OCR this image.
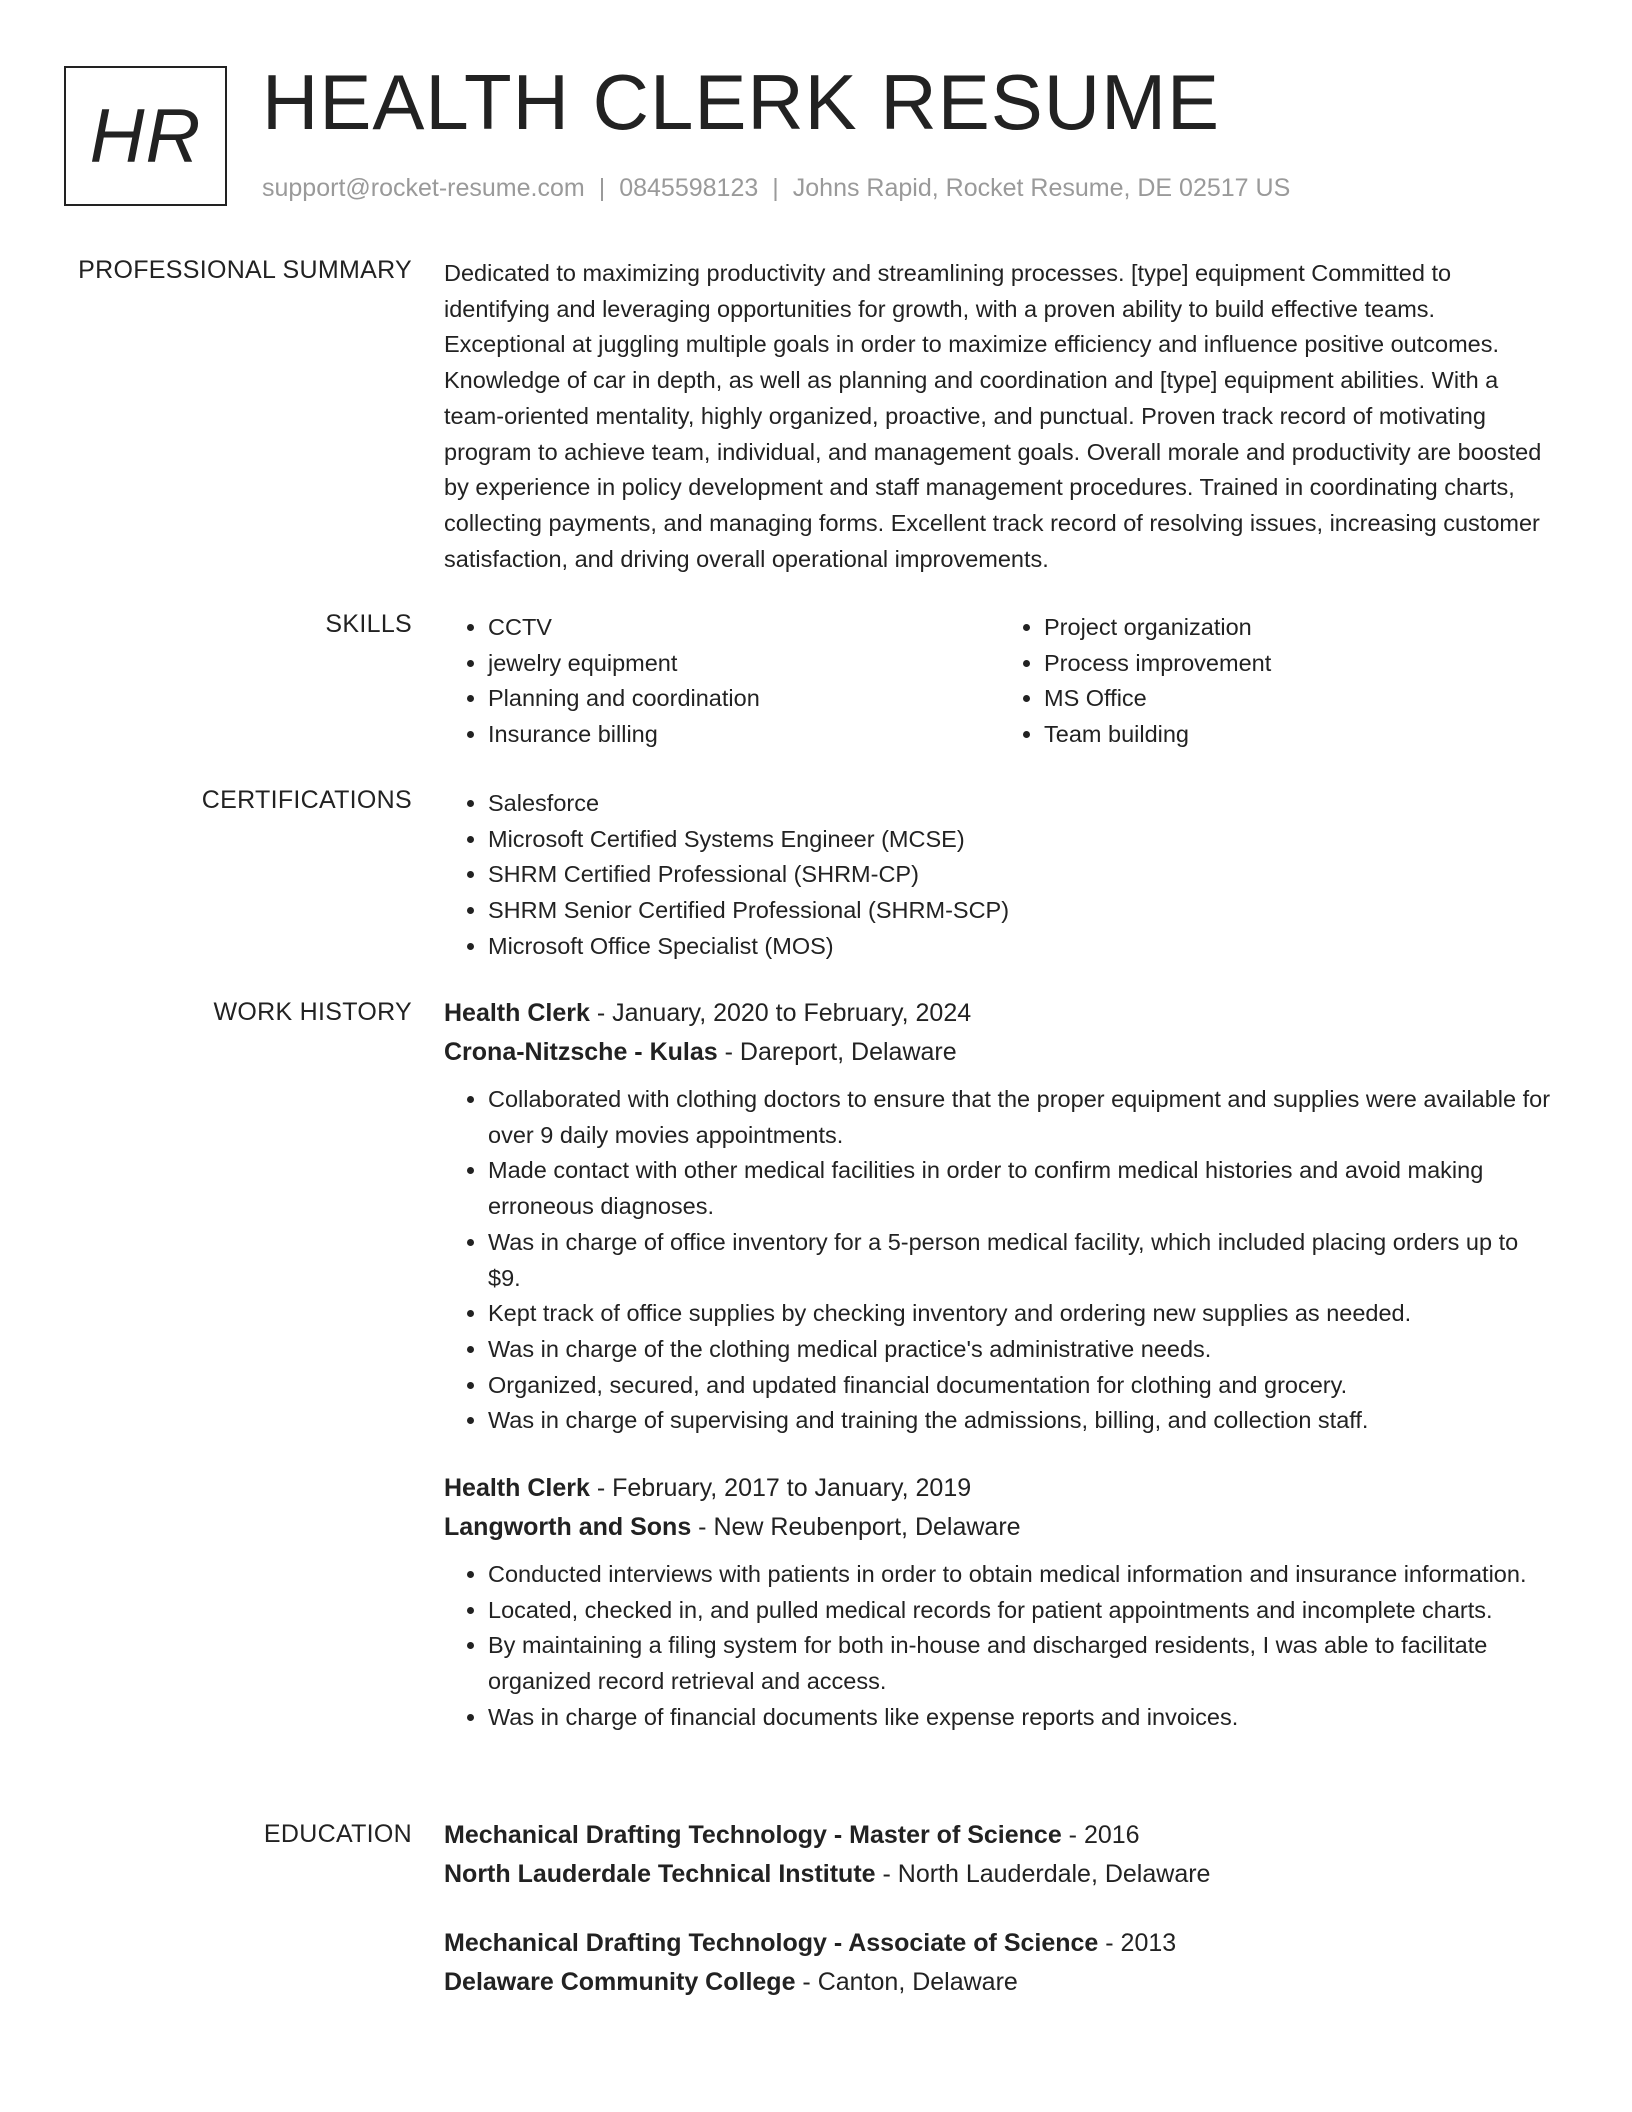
HR HEALTH CLERK RESUME
support@rocket-resume.com | 0845598123 | Johns Rapid, Rocket Resume, DE 02517 US
PROFESSIONAL SUMMARY Dedicated to maximizing productivity and streamlining processes. [type] equipment Committed to identifying and leveraging opportunities for growth, with a proven ability to build effective teams. Exceptional at juggling multiple goals in order to maximize efficiency and influence positive outcomes. Knowledge of car in depth, as well as planning and coordination and [type] equipment abilities. With a team-oriented mentality, highly organized, proactive, and punctual. Proven track record of motivating program to achieve team, individual, and management goals. Overall morale and productivity are boosted by experience in policy development and staff management procedures. Trained in coordinating charts, collecting payments, and managing forms. Excellent track record of resolving issues, increasing customer satisfaction, and driving overall operational improvements.
SKILLS	• CCTV
• jewelry equipment
• Planning and coordination
• Insurance billing
• Project organization
• Process improvement
• MS Office
• Team building
CERTIFICATIONS	• Salesforce
• Microsoft Certified Systems Engineer (MCSE)
• SHRM Certified Professional (SHRM-CP)
• SHRM Senior Certified Professional (SHRM-SCP)
• Microsoft Office Specialist (MOS)
WORK HISTORY Health Clerk - January, 2020 to February, 2024
Crona-Nitzsche - Kulas - Dareport, Delaware
• Collaborated with clothing doctors to ensure that the proper equipment and supplies were available for over 9 daily movies appointments.
• Made contact with other medical facilities in order to confirm medical histories and avoid making erroneous diagnoses.
• Was in charge of office inventory for a 5-person medical facility, which included placing orders up to $9.
• Kept track of office supplies by checking inventory and ordering new supplies as needed.
• Was in charge of the clothing medical practice's administrative needs.
• Organized, secured, and updated financial documentation for clothing and grocery.
• Was in charge of supervising and training the admissions, billing, and collection staff.
Health Clerk - February, 2017 to January, 2019
Langworth and Sons - New Reubenport, Delaware
• Conducted interviews with patients in order to obtain medical information and insurance information.
• Located, checked in, and pulled medical records for patient appointments and incomplete charts.
• By maintaining a filing system for both in-house and discharged residents, I was able to facilitate organized record retrieval and access.
• Was in charge of financial documents like expense reports and invoices.
EDUCATION Mechanical Drafting Technology - Master of Science - 2016
North Lauderdale Technical Institute - North Lauderdale, Delaware
Mechanical Drafting Technology - Associate of Science - 2013
Delaware Community College - Canton, Delaware
